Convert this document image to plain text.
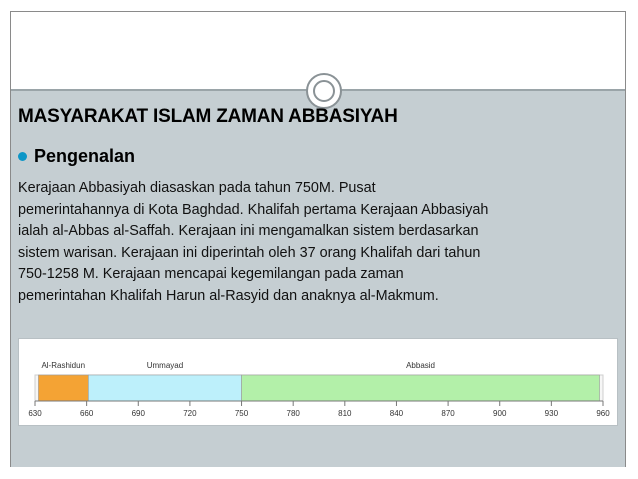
MASYARAKAT ISLAM ZAMAN ABBASIYAH
Pengenalan

Kerajaan Abbasiyah diasaskan pada tahun 750M. Pusat
pemerintahannya di Kota Baghdad. Khalifah pertama Kerajaan Abbasiyah
ialah al-Abbas al-Saffah. Kerajaan ini mengamalkan sistem berdasarkan
sistem warisan. Kerajaan ini diperintah oleh 37 orang Khalifah dari tahun
750-1258 M. Kerajaan mencapai kegemilangan pada zaman
pemerintahan Khalifah Harun al-Rasyid dan anaknya al-Makmum.

Al-Rashidun	Ummayad	Abbasid
630	660	690	720	750	780	810	840	870	900	930	960
